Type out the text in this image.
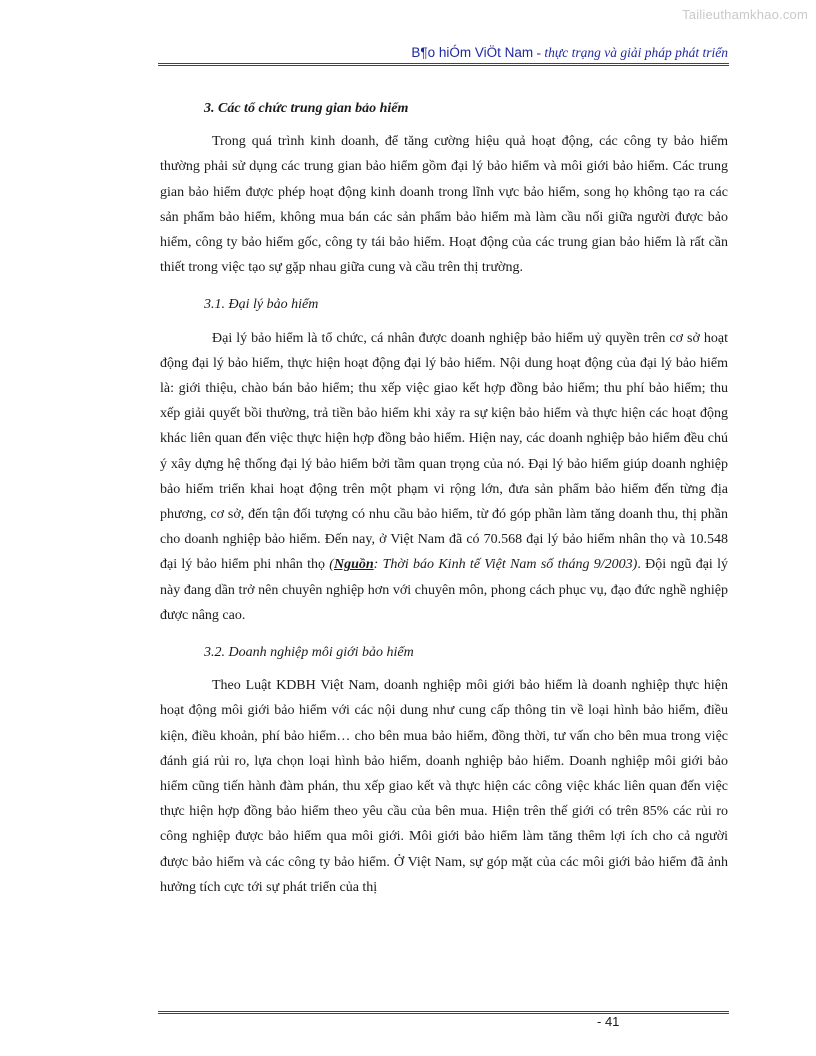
Tailieuthamkhao.com
B¶o hiÓm ViÖt Nam - thực trạng và giải pháp phát triển

3. Các tổ chức trung gian bảo hiểm

Trong quá trình kinh doanh, để tăng cường hiệu quả hoạt động, các công ty bảo hiểm thường phải sử dụng các trung gian bảo hiểm gồm đại lý bảo hiểm và môi giới bảo hiểm. Các trung gian bảo hiểm được phép hoạt động kinh doanh trong lĩnh vực bảo hiểm, song họ không tạo ra các sản phẩm bảo hiểm, không mua bán các sản phẩm bảo hiểm mà làm cầu nối giữa người được bảo hiểm, công ty bảo hiểm gốc, công ty tái bảo hiểm. Hoạt động của các trung gian bảo hiểm là rất cần thiết trong việc tạo sự gặp nhau giữa cung và cầu trên thị trường.

3.1. Đại lý bảo hiểm

Đại lý bảo hiểm là tổ chức, cá nhân được doanh nghiệp bảo hiểm uỷ quyền trên cơ sở hoạt động đại lý bảo hiểm, thực hiện hoạt động đại lý bảo hiểm. Nội dung hoạt động của đại lý bảo hiểm là: giới thiệu, chào bán bảo hiểm; thu xếp việc giao kết hợp đồng bảo hiểm; thu phí bảo hiểm; thu xếp giải quyết bồi thường, trả tiền bảo hiểm khi xảy ra sự kiện bảo hiểm và thực hiện các hoạt động khác liên quan đến việc thực hiện hợp đồng bảo hiểm. Hiện nay, các doanh nghiệp bảo hiểm đều chú ý xây dựng hệ thống đại lý bảo hiểm bởi tầm quan trọng của nó. Đại lý bảo hiểm giúp doanh nghiệp bảo hiểm triển khai hoạt động trên một phạm vi rộng lớn, đưa sản phẩm bảo hiểm đến từng địa phương, cơ sở, đến tận đối tượng có nhu cầu bảo hiểm, từ đó góp phần làm tăng doanh thu, thị phần cho doanh nghiệp bảo hiểm. Đến nay, ở Việt Nam đã có 70.568 đại lý bảo hiểm nhân thọ và 10.548 đại lý bảo hiểm phi nhân thọ (Nguồn: Thời báo Kinh tế Việt Nam số tháng 9/2003). Đội ngũ đại lý này đang dần trở nên chuyên nghiệp hơn với chuyên môn, phong cách phục vụ, đạo đức nghề nghiệp được nâng cao.

3.2. Doanh nghiệp môi giới bảo hiểm

Theo Luật KDBH Việt Nam, doanh nghiệp môi giới bảo hiểm là doanh nghiệp thực hiện hoạt động môi giới bảo hiểm với các nội dung như cung cấp thông tin về loại hình bảo hiểm, điều kiện, điều khoản, phí bảo hiểm… cho bên mua bảo hiểm, đồng thời, tư vấn cho bên mua trong việc đánh giá rủi ro, lựa chọn loại hình bảo hiểm, doanh nghiệp bảo hiểm. Doanh nghiệp môi giới bảo hiểm cũng tiến hành đàm phán, thu xếp giao kết và thực hiện các công việc khác liên quan đến việc thực hiện hợp đồng bảo hiểm theo yêu cầu của bên mua. Hiện trên thế giới có trên 85% các rủi ro công nghiệp được bảo hiểm qua môi giới. Môi giới bảo hiểm làm tăng thêm lợi ích cho cả người được bảo hiểm và các công ty bảo hiểm. Ở Việt Nam, sự góp mặt của các môi giới bảo hiểm đã ảnh hưởng tích cực tới sự phát triển của thị

- 41
